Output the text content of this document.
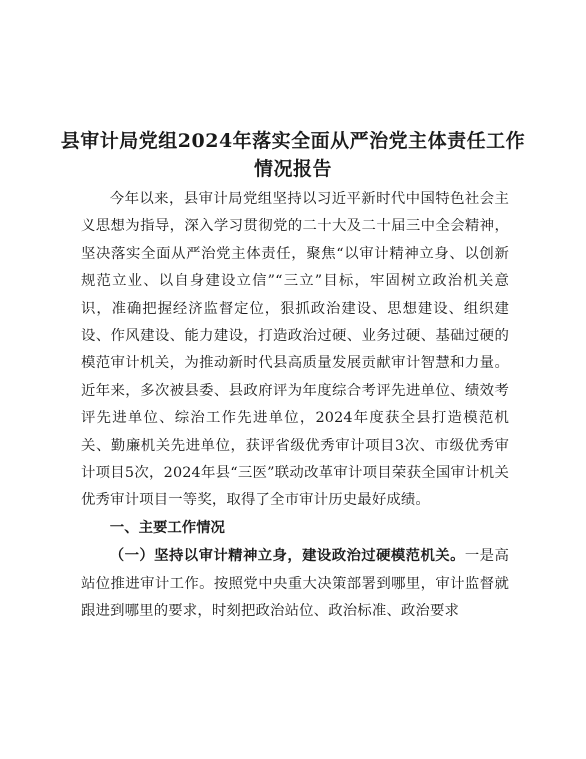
县审计局党组2024年落实全面从严治党主体责任工作情况报告

今年以来，县审计局党组坚持以习近平新时代中国特色社会主义思想为指导，深入学习贯彻党的二十大及二十届三中全会精神，坚决落实全面从严治党主体责任，聚焦“以审计精神立身、以创新规范立业、以自身建设立信”“三立”目标，牢固树立政治机关意识，准确把握经济监督定位，狠抓政治建设、思想建设、组织建设、作风建设、能力建设，打造政治过硬、业务过硬、基础过硬的模范审计机关，为推动新时代县高质量发展贡献审计智慧和力量。近年来，多次被县委、县政府评为年度综合考评先进单位、绩效考评先进单位、综治工作先进单位，2024年度获全县打造模范机关、勤廉机关先进单位，获评省级优秀审计项目3次、市级优秀审计项目5次，2024年县“三医”联动改革审计项目荣获全国审计机关优秀审计项目一等奖，取得了全市审计历史最好成绩。

一、主要工作情况

（一）坚持以审计精神立身，建设政治过硬模范机关。一是高站位推进审计工作。按照党中央重大决策部署到哪里，审计监督就跟进到哪里的要求，时刻把政治站位、政治标准、政治要求
